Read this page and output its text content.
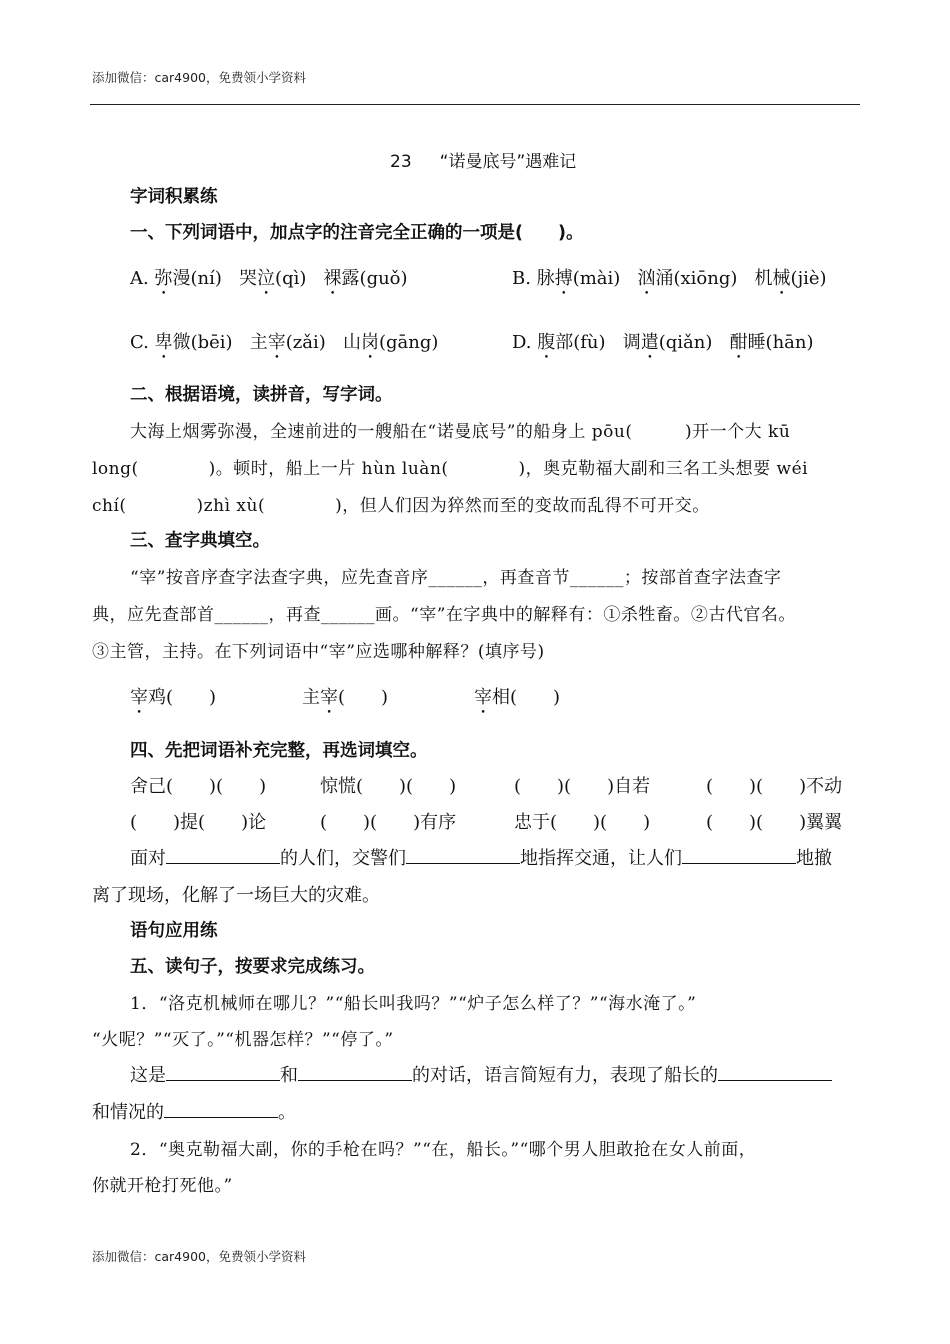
添加微信：car4900，免费领小学资料
23 “诺曼底号”遇难记
字词积累练
一、下列词语中，加点字的注音完全正确的一项是(　　)。
A. 弥漫(ní) 哭泣(qì) 裸露(guǒ)	B. 脉搏(mài) 汹涌(xiōng) 机械(jiè)
C. 卑微(bēi) 主宰(zǎi) 山岗(gāng)	D. 腹部(fù) 调遣(qiǎn) 酣睡(hān)
二、根据语境，读拼音，写字词。
大海上烟雾弥漫，全速前进的一艘船在“诺曼底号”的船身上 pōu(　　　)开一个大 kū
long(　　　　)。顿时，船上一片 hùn luàn(　　　　)，奥克勒福大副和三名工头想要 wéi
chí(　　　　)zhì xù(　　　　)，但人们因为猝然而至的变故而乱得不可开交。
三、查字典填空。
“宰”按音序查字法查字典，应先查音序______，再查音节______；按部首查字法查字
典，应先查部首______，再查______画。“宰”在字典中的解释有：①杀牲畜。②古代官名。
③主管，主持。在下列词语中“宰”应选哪种解释？(填序号)
宰鸡(　　)	主宰(　　)	宰相(　　)
四、先把词语补充完整，再选词填空。
舍己(　　)(　　)	惊慌(　　)(　　)	(　　)(　　)自若	(　　)(　　)不动
(　　)提(　　)论	(　　)(　　)有序	忠于(　　)(　　)	(　　)(　　)翼翼
面对	的人们，交警们	地指挥交通，让人们	地撤
离了现场，化解了一场巨大的灾难。
语句应用练
五、读句子，按要求完成练习。
1．“洛克机械师在哪儿？”“船长叫我吗？”“炉子怎么样了？”“海水淹了。”
“火呢？”“灭了。”“机器怎样？”“停了。”
这是	和	的对话，语言简短有力，表现了船长的
和情况的	。
2．“奥克勒福大副，你的手枪在吗？”“在，船长。”“哪个男人胆敢抢在女人前面，
你就开枪打死他。”
添加微信：car4900，免费领小学资料
